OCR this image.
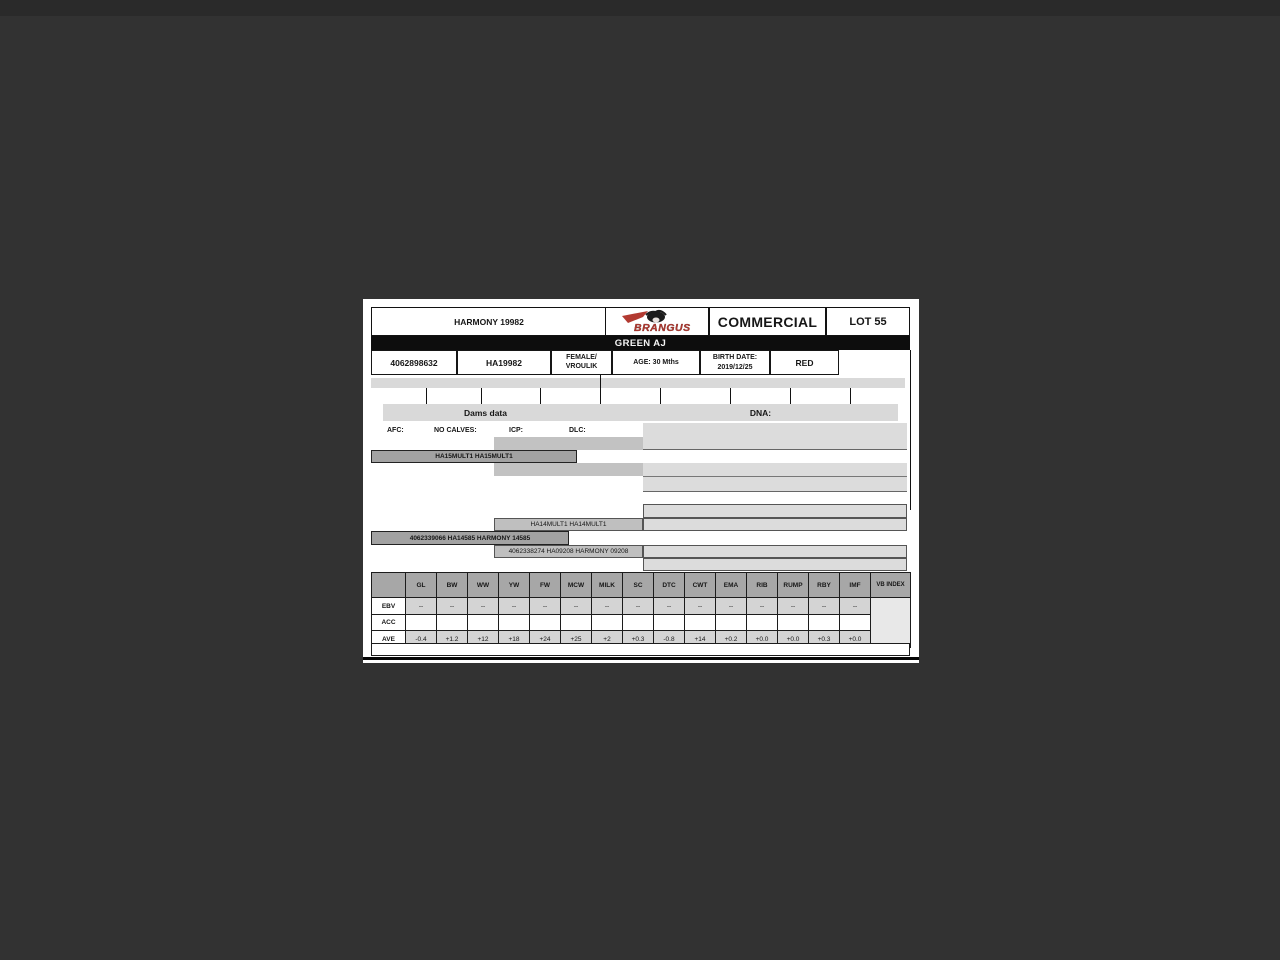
HARMONY 19982
BRANGUS COMMERCIAL	LOT 55
GREEN AJ
4062898632	HA19982
FEMALE/
VROULIK	AGE: 30 Mths
BIRTH DATE:
2019/12/25	RED
Dams data	DNA:
AFC:	NO CALVES:	ICP:	DLC:
HA15MULT1 HA15MULT1
HA14MULT1 HA14MULT1
4062339066 HA14585 HARMONY 14585
4062338274 HA09208 HARMONY 09208
	GL	BW	WW	YW	FW	MCW	MILK	SC	DTC	CWT	EMA	RIB	RUMP	RBY	IMF	VB INDEX
EBV	--	--	--	--	--	--	--	--	--	--	--	--	--	--	--	
ACC																
AVE	-0.4	+1.2	+12	+18	+24	+25	+2	+0.3	-0.8	+14	+0.2	+0.0	+0.0	+0.3	+0.0	
